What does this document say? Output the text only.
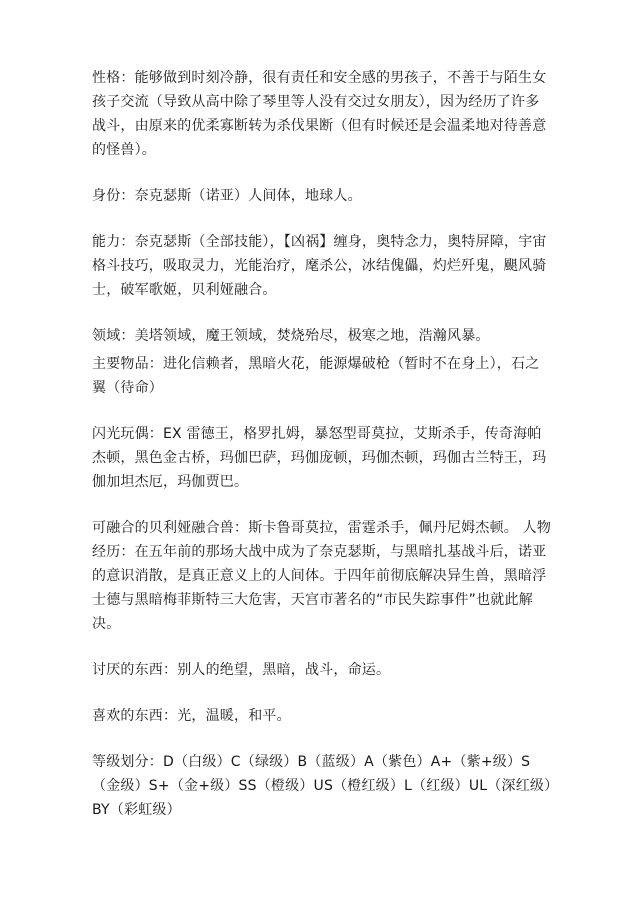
性格：能够做到时刻冷静，很有责任和安全感的男孩子，不善于与陌生女孩子交流（导致从高中除了琴里等人没有交过女朋友），因为经历了许多战斗，由原来的优柔寡断转为杀伐果断（但有时候还是会温柔地对待善意的怪兽）。

身份：奈克瑟斯（诺亚）人间体，地球人。

能力：奈克瑟斯（全部技能），【凶祸】缠身，奥特念力，奥特屏障，宇宙格斗技巧，吸取灵力，光能治疗，麾杀公，冰结傀儡，灼烂歼鬼，颶风骑士，破军歌姬，贝利娅融合。

领域：美塔领域，魔王领域，焚烧殆尽，极寒之地，浩瀚风暴。

主要物品：进化信赖者，黑暗火花，能源爆破枪（暂时不在身上），石之翼（待命）

闪光玩偶：EX 雷德王，格罗扎姆，暴怒型哥莫拉，艾斯杀手，传奇海帕杰顿，黑色金古桥，玛伽巴萨，玛伽庞顿，玛伽杰顿，玛伽古兰特王，玛伽加坦杰厄，玛伽贾巴。

可融合的贝利娅融合兽：斯卡鲁哥莫拉，雷霆杀手，佩丹尼姆杰顿。 人物经历：在五年前的那场大战中成为了奈克瑟斯，与黑暗扎基战斗后，诺亚的意识消散，是真正意义上的人间体。于四年前彻底解决异生兽，黑暗浮士德与黑暗梅菲斯特三大危害，天宫市著名的“市民失踪事件”也就此解决。

讨厌的东西：别人的绝望，黑暗，战斗，命运。

喜欢的东西：光，温暖，和平。

等级划分：D（白级）C（绿级）B（蓝级）A（紫色）A+（紫+级）S（金级）S+（金+级）SS（橙级）US（橙红级）L（红级）UL（深红级）BY（彩虹级）
